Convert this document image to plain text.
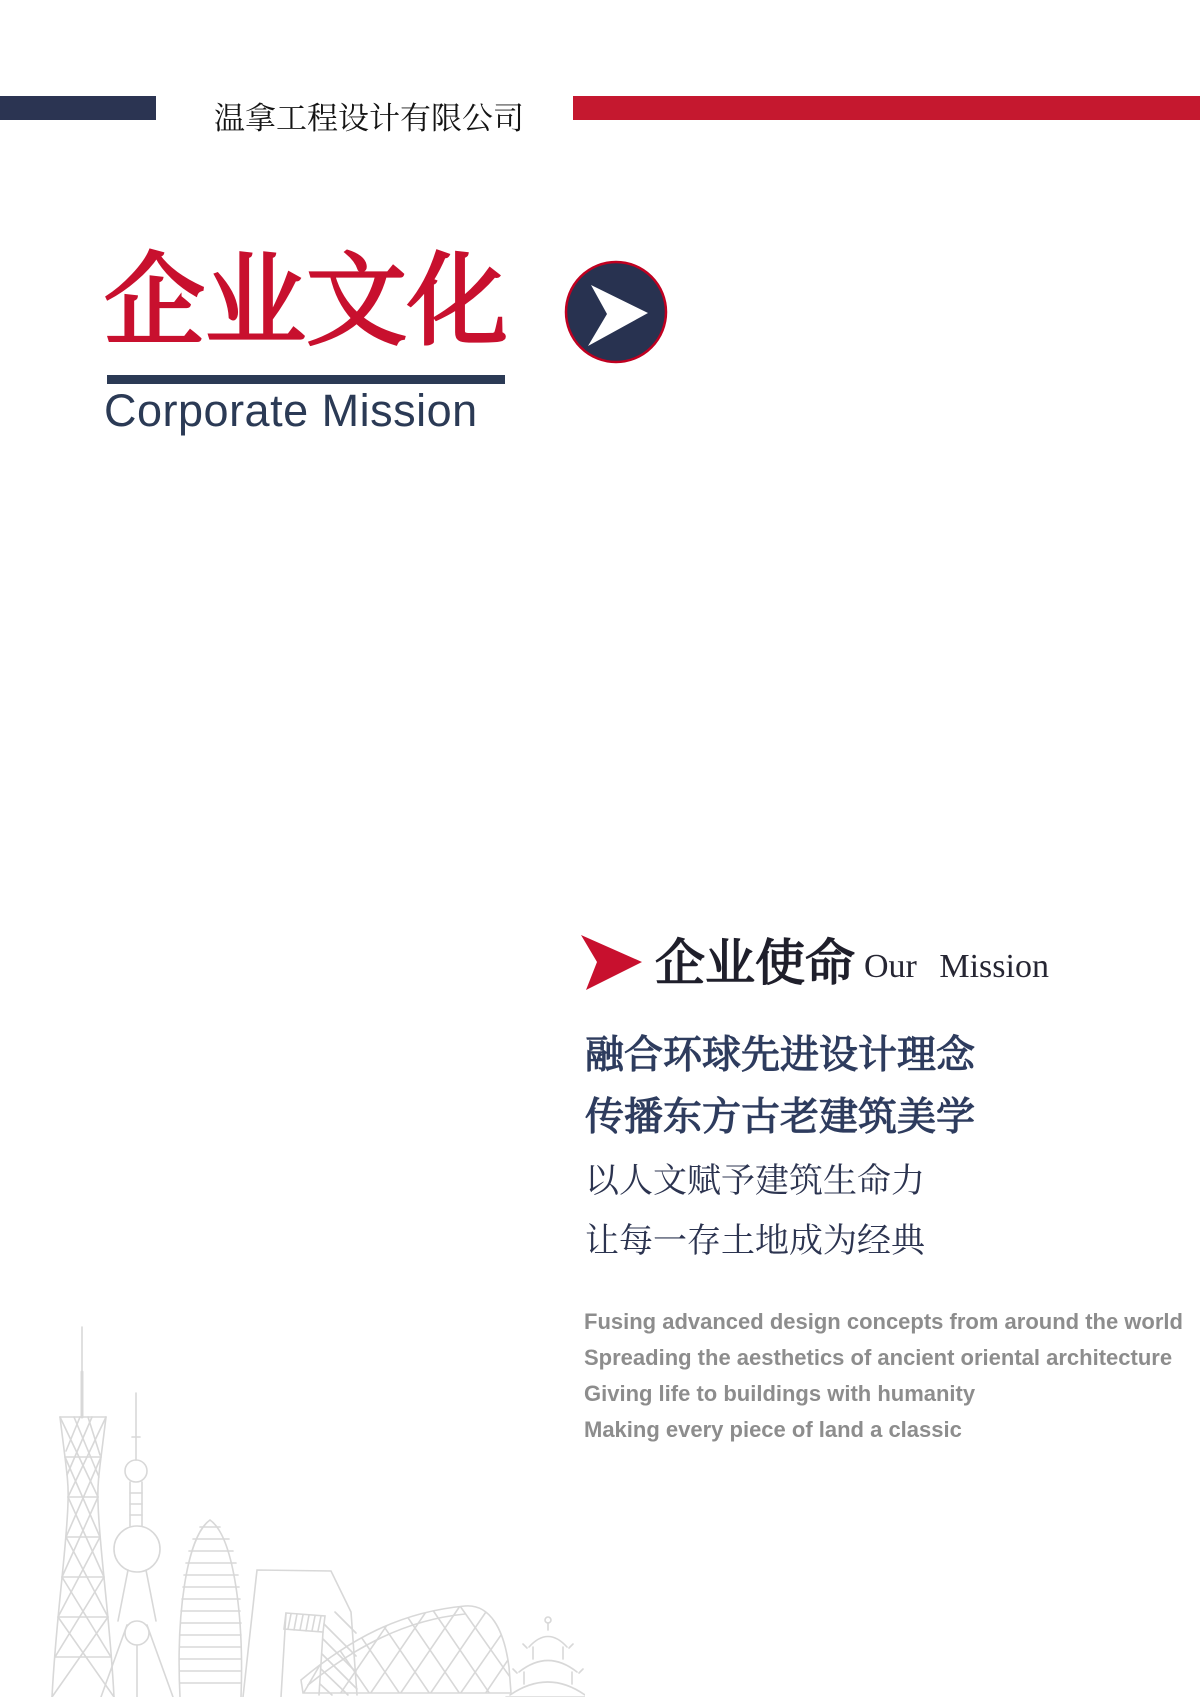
温拿工程设计有限公司
企业文化
Corporate Mission
企业使命 Our Mission
融合环球先进设计理念
传播东方古老建筑美学
以人文赋予建筑生命力
让每一存土地成为经典
Fusing advanced design concepts from around the world
Spreading the aesthetics of ancient oriental architecture
Giving life to buildings with humanity
Making every piece of land a classic
